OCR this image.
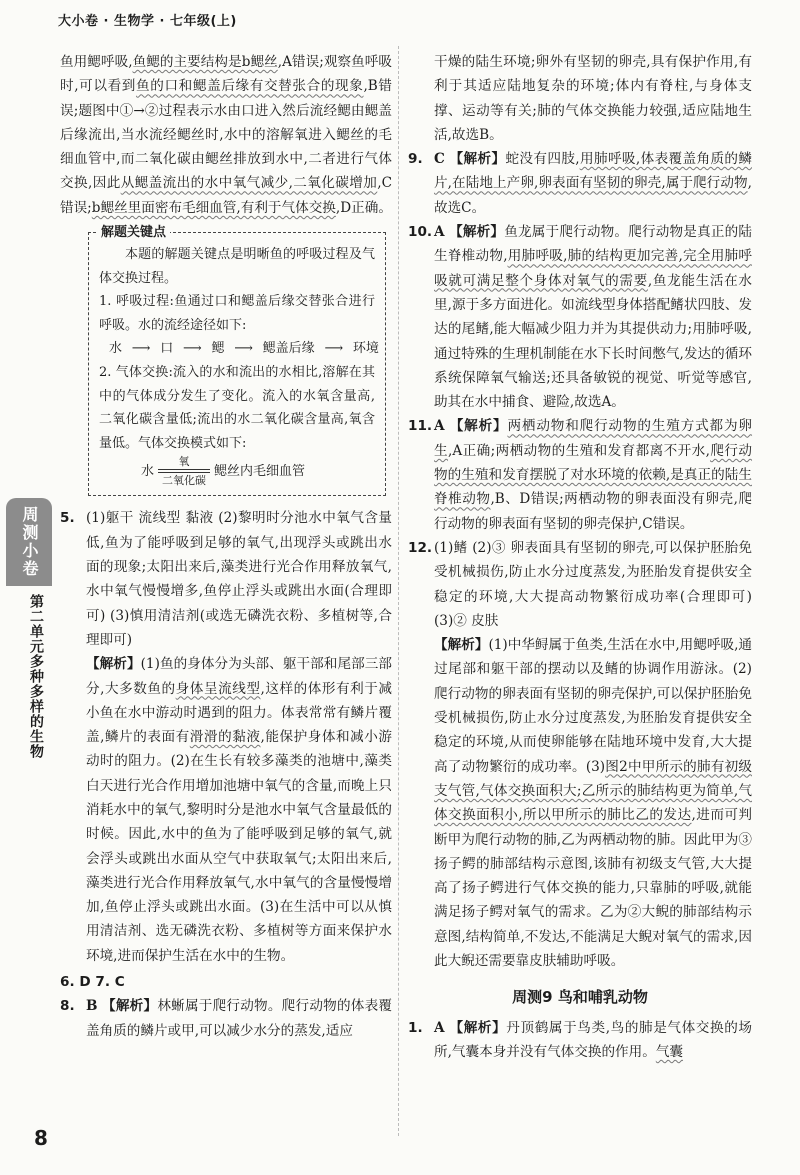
大小卷 · 生物学 · 七年级(上)
周测小卷
第二单元
多种多样的生物

鱼用鳃呼吸,鱼鳃的主要结构是b鳃丝,A错误;观察鱼呼吸时,可以看到鱼的口和鳃盖后缘有交替张合的现象,B错误;题图中①→②过程表示水由口进入然后流经鳃由鳃盖后缘流出,当水流经鳃丝时,水中的溶解氧进入鳃丝的毛细血管中,而二氧化碳由鳃丝排放到水中,二者进行气体交换,因此从鳃盖流出的水中氧气减少,二氧化碳增加,C错误;b鳃丝里面密布毛细血管,有利于气体交换,D正确。

解题关键点

本题的解题关键点是明晰鱼的呼吸过程及气体交换过程。

1. 呼吸过程:鱼通过口和鳃盖后缘交替张合进行呼吸。水的流经途径如下:

水 ⟶ 口 ⟶ 鳃 ⟶ 鳃盖后缘 ⟶ 环境

2. 气体交换:流入的水和流出的水相比,溶解在其中的气体成分发生了变化。流入的水氧含量高,二氧化碳含量低;流出的水二氧化碳含量高,氧含量低。气体交换模式如下:

水
氧
二氧化碳
鳃丝内毛细血管
5. (1)躯干 流线型 黏液 (2)黎明时分池水中氧气含量低,鱼为了能呼吸到足够的氧气,出现浮头或跳出水面的现象;太阳出来后,藻类进行光合作用释放氧气,水中氧气慢慢增多,鱼停止浮头或跳出水面(合理即可) (3)慎用清洁剂(或选无磷洗衣粉、多植树等,合理即可)

【解析】(1)鱼的身体分为头部、躯干部和尾部三部分,大多数鱼的身体呈流线型,这样的体形有利于减小鱼在水中游动时遇到的阻力。体表常常有鳞片覆盖,鳞片的表面有滑滑的黏液,能保护身体和减小游动时的阻力。(2)在生长有较多藻类的池塘中,藻类白天进行光合作用增加池塘中氧气的含量,而晚上只消耗水中的氧气,黎明时分是池水中氧气含量最低的时候。因此,水中的鱼为了能呼吸到足够的氧气,就会浮头或跳出水面从空气中获取氧气;太阳出来后,藻类进行光合作用释放氧气,水中氧气的含量慢慢增加,鱼停止浮头或跳出水面。(3)在生活中可以从慎用清洁剂、选无磷洗衣粉、多植树等方面来保护水环境,进而保护生活在水中的生物。

6. D 7. C

8. B 【解析】林蜥属于爬行动物。爬行动物的体表覆盖角质的鳞片或甲,可以减少水分的蒸发,适应

干燥的陆生环境;卵外有坚韧的卵壳,具有保护作用,有利于其适应陆地复杂的环境;体内有脊柱,与身体支撑、运动等有关;肺的气体交换能力较强,适应陆地生活,故选B。

9. C 【解析】蛇没有四肢,用肺呼吸,体表覆盖角质的鳞片,在陆地上产卵,卵表面有坚韧的卵壳,属于爬行动物,故选C。

10. A 【解析】鱼龙属于爬行动物。爬行动物是真正的陆生脊椎动物,用肺呼吸,肺的结构更加完善,完全用肺呼吸就可满足整个身体对氧气的需要,鱼龙能生活在水里,源于多方面进化。如流线型身体搭配鳍状四肢、发达的尾鳍,能大幅减少阻力并为其提供动力;用肺呼吸,通过特殊的生理机制能在水下长时间憋气,发达的循环系统保障氧气输送;还具备敏锐的视觉、听觉等感官,助其在水中捕食、避险,故选A。

11. A 【解析】两栖动物和爬行动物的生殖方式都为卵生,A正确;两栖动物的生殖和发育都离不开水,爬行动物的生殖和发育摆脱了对水环境的依赖,是真正的陆生脊椎动物,B、D错误;两栖动物的卵表面没有卵壳,爬行动物的卵表面有坚韧的卵壳保护,C错误。

12. (1)鳍 (2)③ 卵表面具有坚韧的卵壳,可以保护胚胎免受机械损伤,防止水分过度蒸发,为胚胎发育提供安全稳定的环境,大大提高动物繁衍成功率(合理即可) (3)② 皮肤

【解析】(1)中华鲟属于鱼类,生活在水中,用鳃呼吸,通过尾部和躯干部的摆动以及鳍的协调作用游泳。(2)爬行动物的卵表面有坚韧的卵壳保护,可以保护胚胎免受机械损伤,防止水分过度蒸发,为胚胎发育提供安全稳定的环境,从而使卵能够在陆地环境中发育,大大提高了动物繁衍的成功率。(3)图2中甲所示的肺有初级支气管,气体交换面积大;乙所示的肺结构更为简单,气体交换面积小,所以甲所示的肺比乙的发达,进而可判断甲为爬行动物的肺,乙为两栖动物的肺。因此甲为③扬子鳄的肺部结构示意图,该肺有初级支气管,大大提高了扬子鳄进行气体交换的能力,只靠肺的呼吸,就能满足扬子鳄对氧气的需求。乙为②大鲵的肺部结构示意图,结构简单,不发达,不能满足大鲵对氧气的需求,因此大鲵还需要靠皮肤辅助呼吸。

周测9 鸟和哺乳动物
1. A 【解析】丹顶鹤属于鸟类,鸟的肺是气体交换的场所,气囊本身并没有气体交换的作用。气囊

8
